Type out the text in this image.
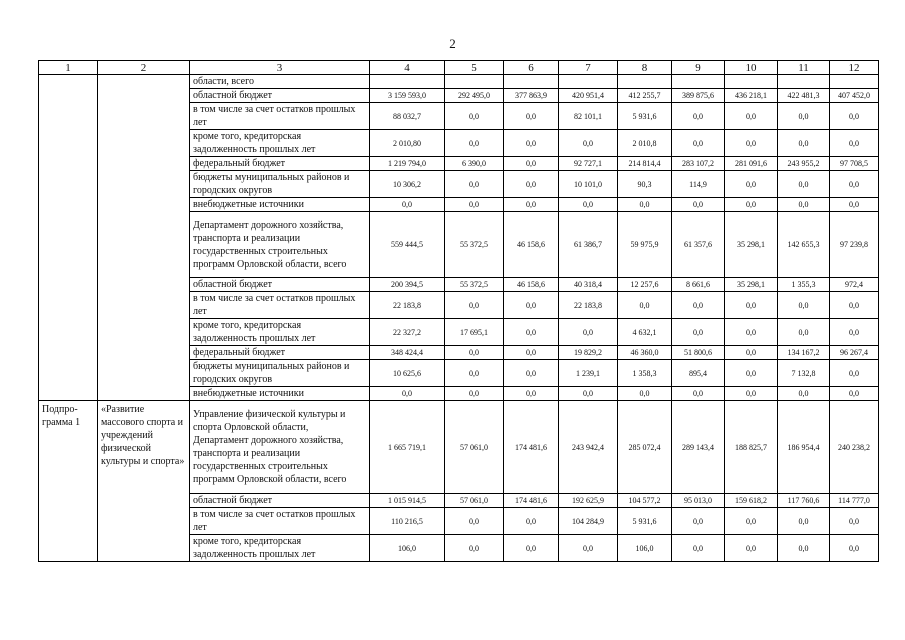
2
1	2	3	4	5	6	7	8	9	10	11	12
		области, всего									
		областной бюджет	3 159 593,0	292 495,0	377 863,9	420 951,4	412 255,7	389 875,6	436 218,1	422 481,3	407 452,0
		в том числе за счет остатков прошлых лет	88 032,7	0,0	0,0	82 101,1	5 931,6	0,0	0,0	0,0	0,0
		кроме того, кредиторская задолженность прошлых лет	2 010,80	0,0	0,0	0,0	2 010,8	0,0	0,0	0,0	0,0
		федеральный бюджет	1 219 794,0	6 390,0	0,0	92 727,1	214 814,4	283 107,2	281 091,6	243 955,2	97 708,5
		бюджеты муниципальных районов и городских округов	10 306,2	0,0	0,0	10 101,0	90,3	114,9	0,0	0,0	0,0
		внебюджетные источники	0,0	0,0	0,0	0,0	0,0	0,0	0,0	0,0	0,0
		Департамент дорожного хозяйства, транспорта и реализации государственных строительных программ Орловской области, всего	559 444,5	55 372,5	46 158,6	61 386,7	59 975,9	61 357,6	35 298,1	142 655,3	97 239,8
		областной бюджет	200 394,5	55 372,5	46 158,6	40 318,4	12 257,6	8 661,6	35 298,1	1 355,3	972,4
		в том числе за счет остатков прошлых лет	22 183,8	0,0	0,0	22 183,8	0,0	0,0	0,0	0,0	0,0
		кроме того, кредиторская задолженность прошлых лет	22 327,2	17 695,1	0,0	0,0	4 632,1	0,0	0,0	0,0	0,0
		федеральный бюджет	348 424,4	0,0	0,0	19 829,2	46 360,0	51 800,6	0,0	134 167,2	96 267,4
		бюджеты муниципальных районов и городских округов	10 625,6	0,0	0,0	1 239,1	1 358,3	895,4	0,0	7 132,8	0,0
		внебюджетные источники	0,0	0,0	0,0	0,0	0,0	0,0	0,0	0,0	0,0
Подпро-грамма 1	«Развитие массового спорта и учреждений физической культуры и спорта»	Управление физической культуры и спорта Орловской области, Департамент дорожного хозяйства, транспорта и реализации государственных строительных программ Орловской области, всего	1 665 719,1	57 061,0	174 481,6	243 942,4	285 072,4	289 143,4	188 825,7	186 954,4	240 238,2
		областной бюджет	1 015 914,5	57 061,0	174 481,6	192 625,9	104 577,2	95 013,0	159 618,2	117 760,6	114 777,0
		в том числе за счет остатков прошлых лет	110 216,5	0,0	0,0	104 284,9	5 931,6	0,0	0,0	0,0	0,0
		кроме того, кредиторская задолженность прошлых лет	106,0	0,0	0,0	0,0	106,0	0,0	0,0	0,0	0,0
